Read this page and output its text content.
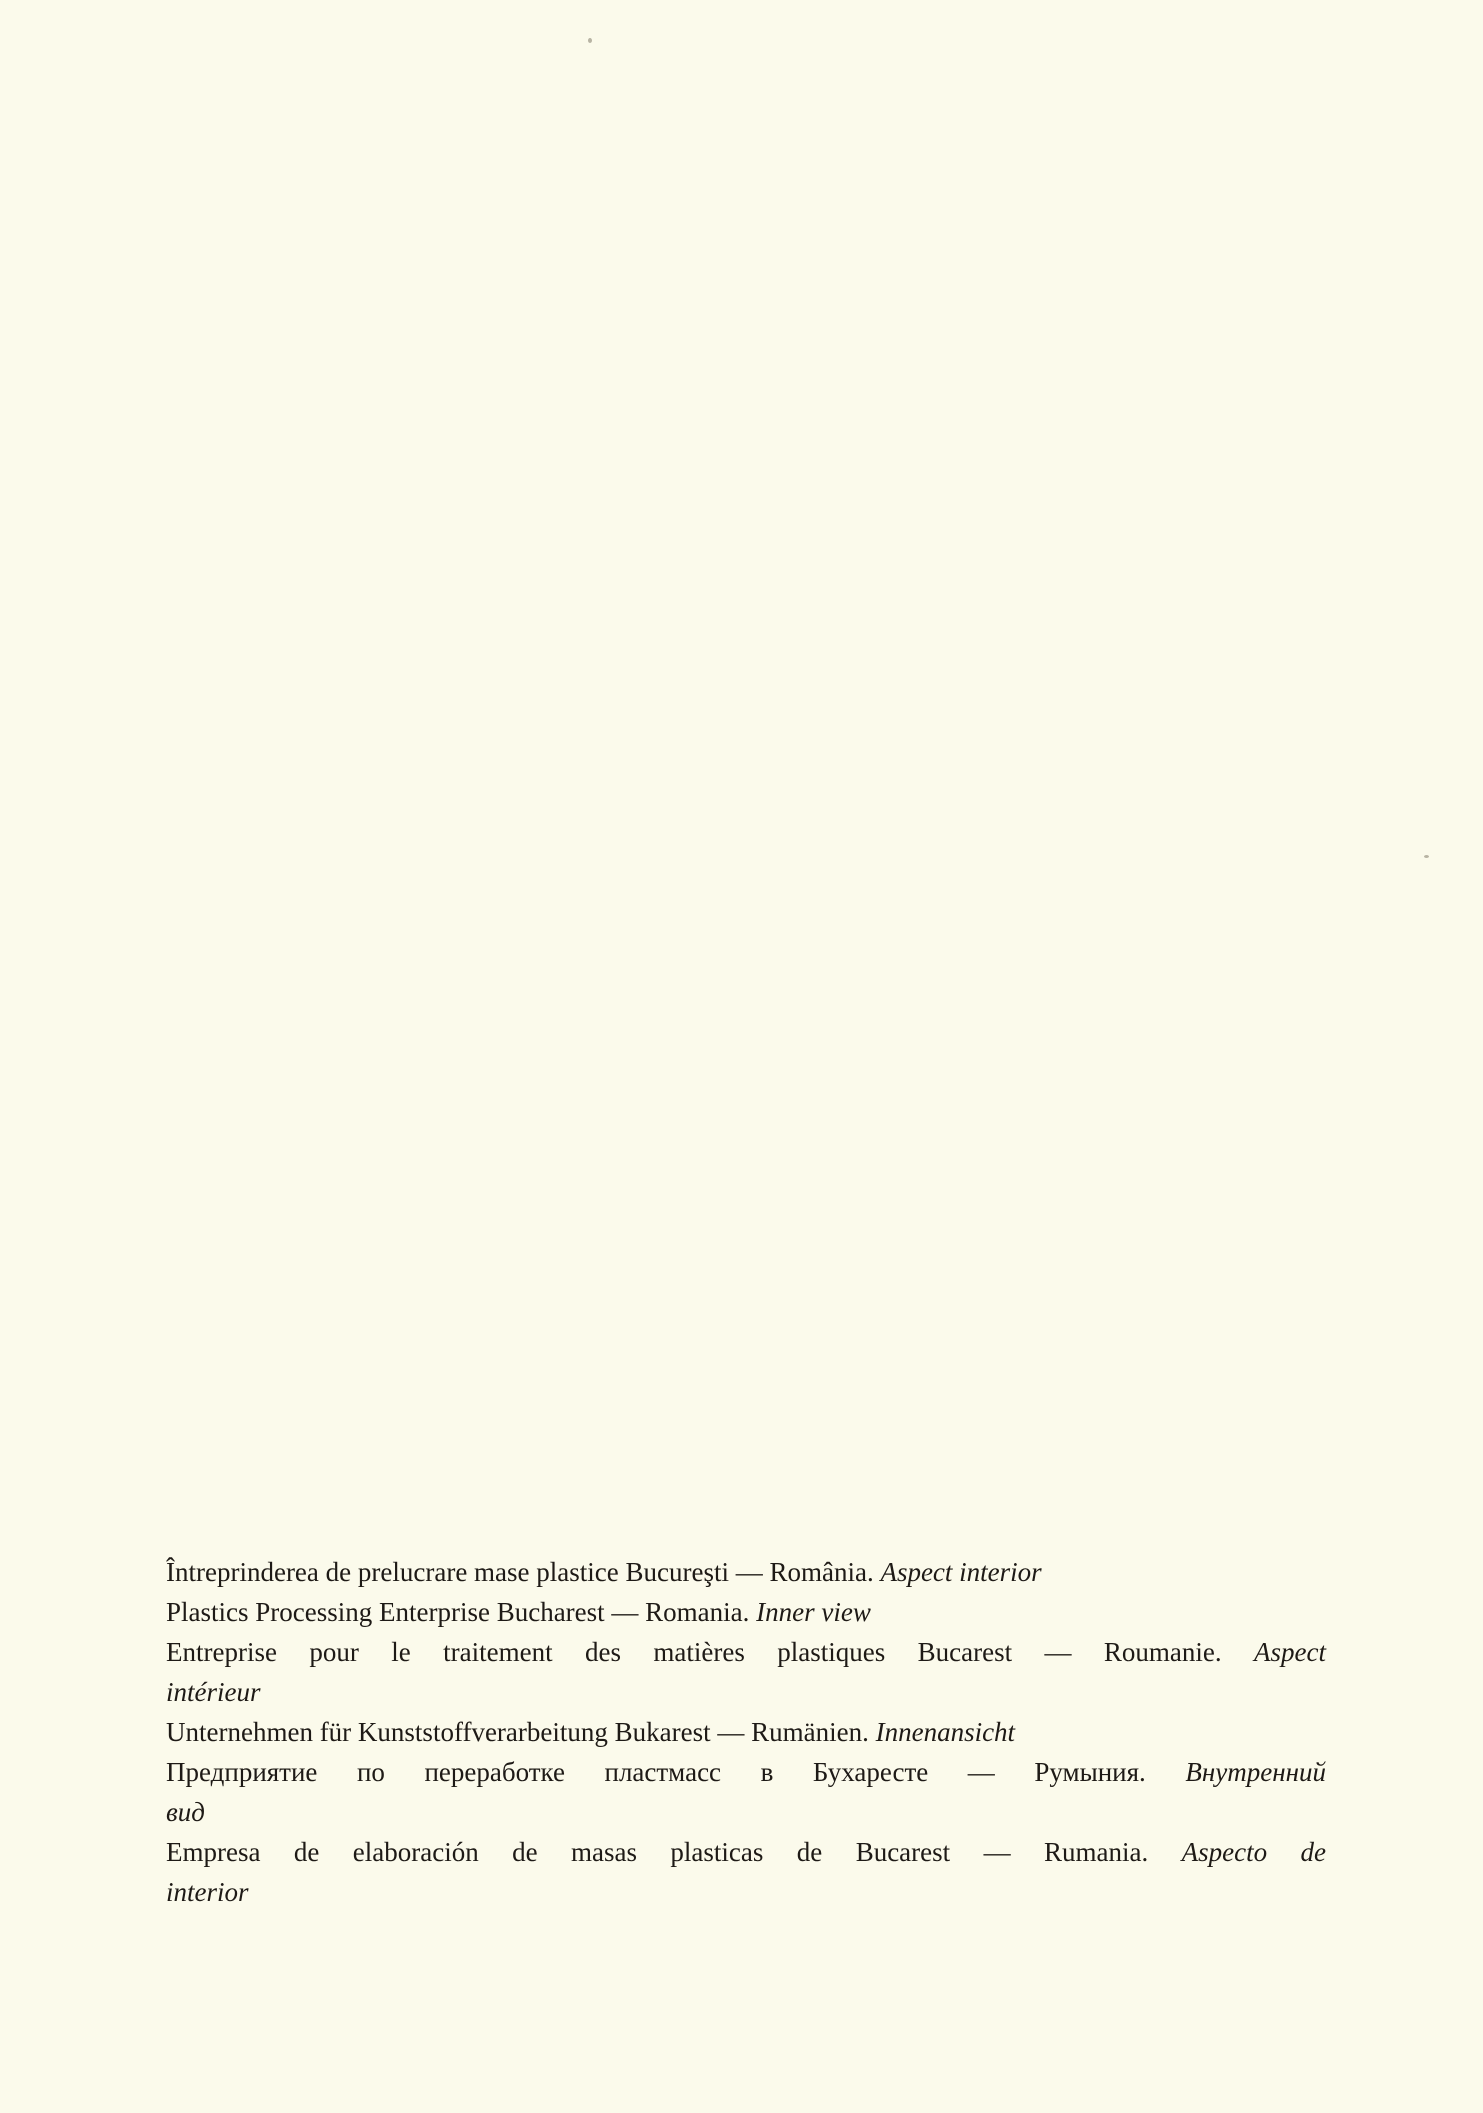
Întreprinderea de prelucrare mase plastice Bucureşti — România. Aspect interior
Plastics Processing Enterprise Bucharest — Romania. Inner view
Entreprise pour le traitement des matières plastiques Bucarest — Roumanie. Aspect
intérieur
Unternehmen für Kunststoffverarbeitung Bukarest — Rumänien. Innenansicht
Предприятие по переработке пластмасс в Бухаресте — Румыния. Внутренний
вид
Empresa de elaboración de masas plasticas de Bucarest — Rumania. Aspecto de
interior
